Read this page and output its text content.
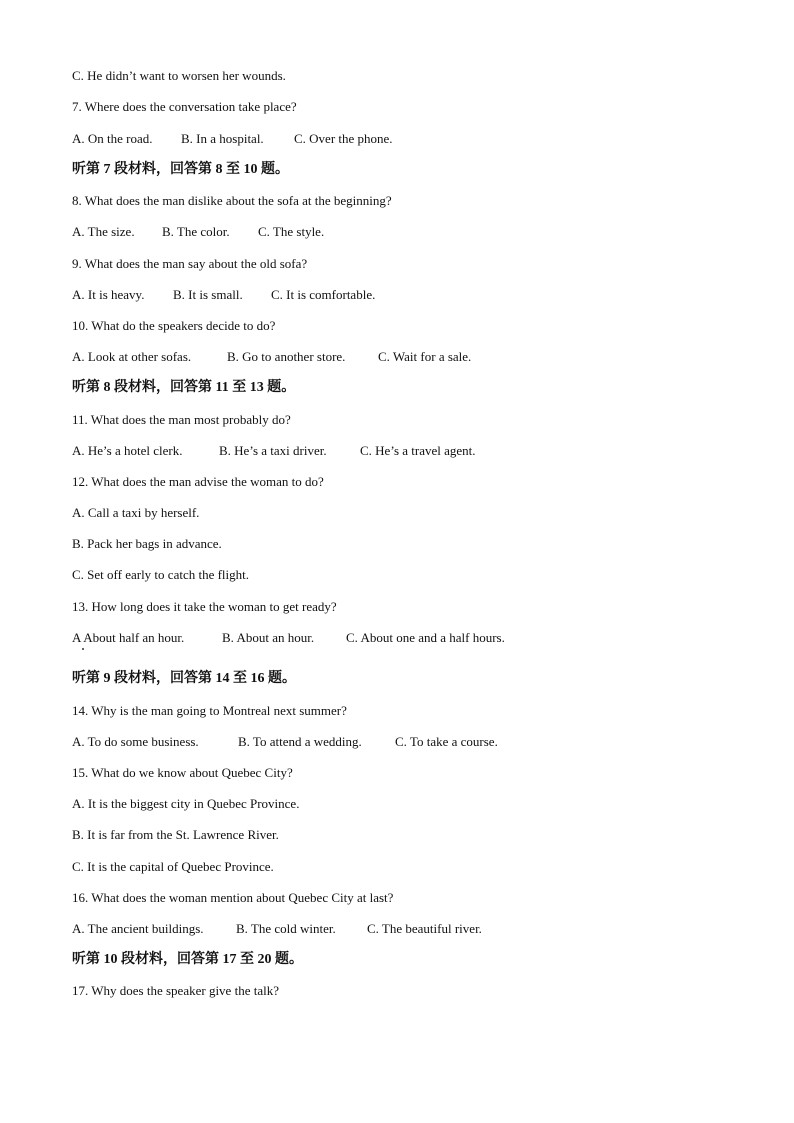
C. He didn’t want to worsen her wounds.
7. Where does the conversation take place?
A. On the road. B. In a hospital. C. Over the phone.
听第 7 段材料，回答第 8 至 10 题。
8. What does the man dislike about the sofa at the beginning?
A. The size. B. The color. C. The style.
9. What does the man say about the old sofa?
A. It is heavy. B. It is small. C. It is comfortable.
10. What do the speakers decide to do?
A. Look at other sofas.	B. Go to another store.	C. Wait for a sale.
听第 8 段材料，回答第 11 至 13 题。
11. What does the man most probably do?
A. He’s a hotel clerk.	B. He’s a taxi driver.	C. He’s a travel agent.
12. What does the man advise the woman to do?
A. Call a taxi by herself.
B. Pack her bags in advance.
C. Set off early to catch the flight.
13. How long does it take the woman to get ready?
A About half an hour.	B. About an hour. C. About one and a half hours.
听第 9 段材料，回答第 14 至 16 题。
14. Why is the man going to Montreal next summer?
A. To do some business.	B. To attend a wedding.	C. To take a course.
15. What do we know about Quebec City?
A. It is the biggest city in Quebec Province.
B. It is far from the St. Lawrence River.
C. It is the capital of Quebec Province.
16. What does the woman mention about Quebec City at last?
A. The ancient buildings. B. The cold winter. C. The beautiful river.
听第 10 段材料，回答第 17 至 20 题。
17. Why does the speaker give the talk?
